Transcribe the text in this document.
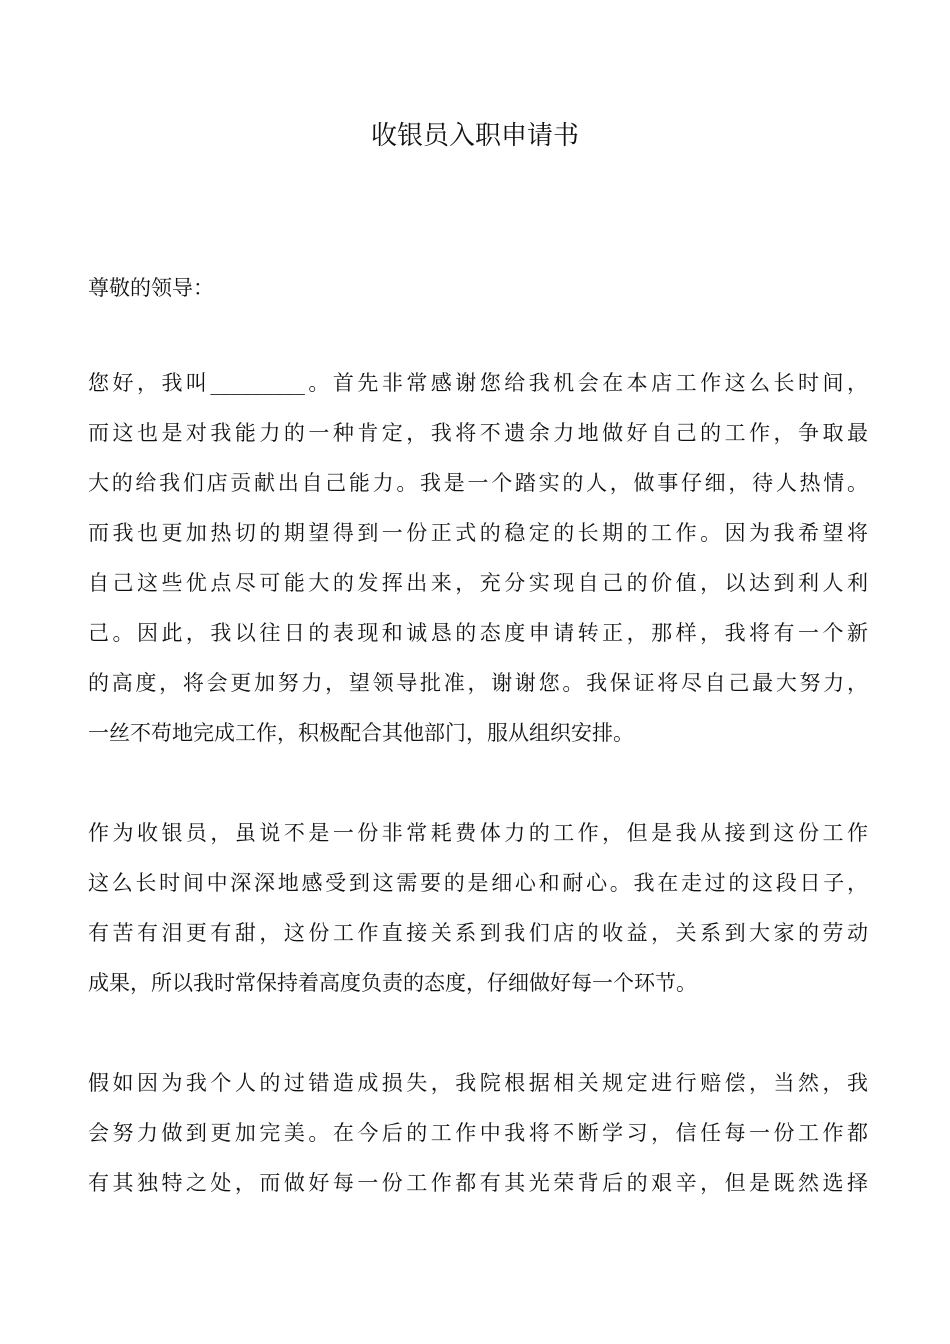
收银员入职申请书

尊敬的领导：

您好，我叫_________。首先非常感谢您给我机会在本店工作这么长时间，
而这也是对我能力的一种肯定，我将不遗余力地做好自己的工作，争取最
大的给我们店贡献出自己能力。我是一个踏实的人，做事仔细，待人热情。
而我也更加热切的期望得到一份正式的稳定的长期的工作。因为我希望将
自己这些优点尽可能大的发挥出来，充分实现自己的价值，以达到利人利
己。因此，我以往日的表现和诚恳的态度申请转正，那样，我将有一个新
的高度，将会更加努力，望领导批准，谢谢您。我保证将尽自己最大努力，
一丝不苟地完成工作，积极配合其他部门，服从组织安排。
作为收银员，虽说不是一份非常耗费体力的工作，但是我从接到这份工作
这么长时间中深深地感受到这需要的是细心和耐心。我在走过的这段日子，
有苦有泪更有甜，这份工作直接关系到我们店的收益，关系到大家的劳动
成果，所以我时常保持着高度负责的态度，仔细做好每一个环节。
假如因为我个人的过错造成损失，我院根据相关规定进行赔偿，当然，我
会努力做到更加完美。在今后的工作中我将不断学习，信任每一份工作都
有其独特之处，而做好每一份工作都有其光荣背后的艰辛，但是既然选择
